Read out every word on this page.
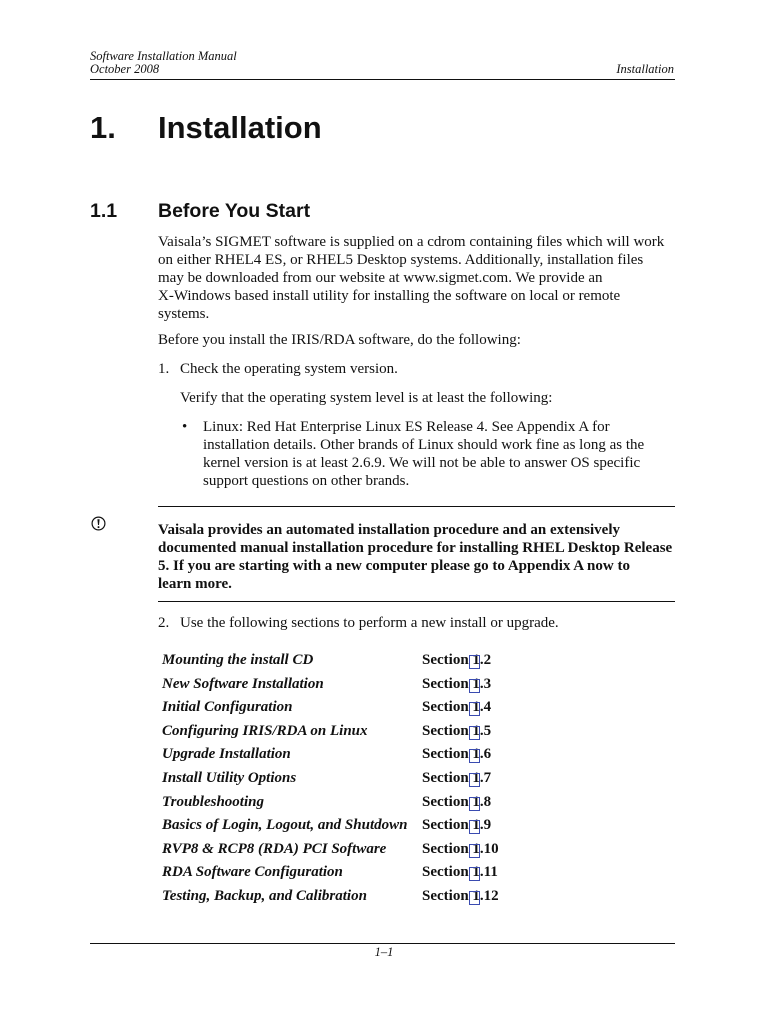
Software Installation Manual
October 2008	Installation
1. Installation
1.1 Before You Start
Vaisala’s SIGMET software is supplied on a cdrom containing files which will work
on either RHEL4 ES, or RHEL5 Desktop systems. Additionally, installation files
may be downloaded from our website at www.sigmet.com. We provide an
X-Windows based install utility for installing the software on local or remote
systems.
Before you install the IRIS/RDA software, do the following:
1. Check the operating system version.
Verify that the operating system level is at least the following:
• Linux: Red Hat Enterprise Linux ES Release 4. See Appendix A for
installation details. Other brands of Linux should work fine as long as the
kernel version is at least 2.6.9. We will not be able to answer OS specific
support questions on other brands.
Vaisala provides an automated installation procedure and an extensively
documented manual installation procedure for installing RHEL Desktop Release
5. If you are starting with a new computer please go to Appendix A now to
learn more.
2. Use the following sections to perform a new install or upgrade.
Mounting the install CD	Section 1.2
New Software Installation	Section 1.3
Initial Configuration	Section 1.4
Configuring IRIS/RDA on Linux	Section 1.5
Upgrade Installation	Section 1.6
Install Utility Options	Section 1.7
Troubleshooting	Section 1.8
Basics of Login, Logout, and Shutdown Section 1.9
RVP8 & RCP8 (RDA) PCI Software Section 1.10
RDA Software Configuration	Section 1.11
Testing, Backup, and Calibration	Section 1.12
1–1
